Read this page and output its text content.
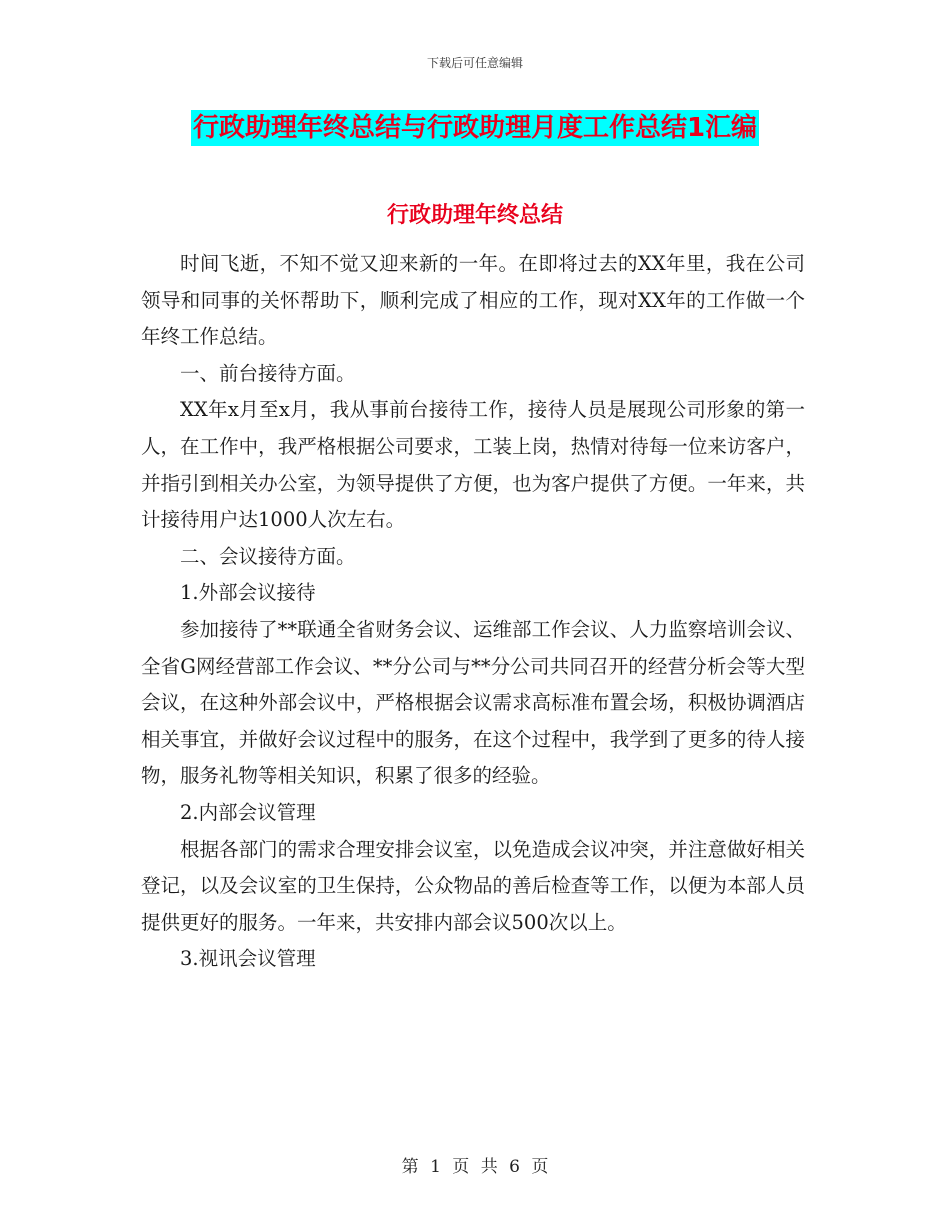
下载后可任意编辑
行政助理年终总结与行政助理月度工作总结1汇编
行政助理年终总结

时间飞逝，不知不觉又迎来新的一年。在即将过去的XX年里，我在公司领导和同事的关怀帮助下，顺利完成了相应的工作，现对XX年的工作做一个年终工作总结。

一、前台接待方面。

XX年x月至x月，我从事前台接待工作，接待人员是展现公司形象的第一人，在工作中，我严格根据公司要求，工装上岗，热情对待每一位来访客户，并指引到相关办公室，为领导提供了方便，也为客户提供了方便。一年来，共计接待用户达1000人次左右。

二、会议接待方面。

1.外部会议接待

参加接待了**联通全省财务会议、运维部工作会议、人力监察培训会议、全省G网经营部工作会议、**分公司与**分公司共同召开的经营分析会等大型会议，在这种外部会议中，严格根据会议需求高标准布置会场，积极协调酒店相关事宜，并做好会议过程中的服务，在这个过程中，我学到了更多的待人接物，服务礼物等相关知识，积累了很多的经验。

2.内部会议管理

根据各部门的需求合理安排会议室，以免造成会议冲突，并注意做好相关登记，以及会议室的卫生保持，公众物品的善后检查等工作，以便为本部人员提供更好的服务。一年来，共安排内部会议500次以上。

3.视讯会议管理

第 1 页 共 6 页
